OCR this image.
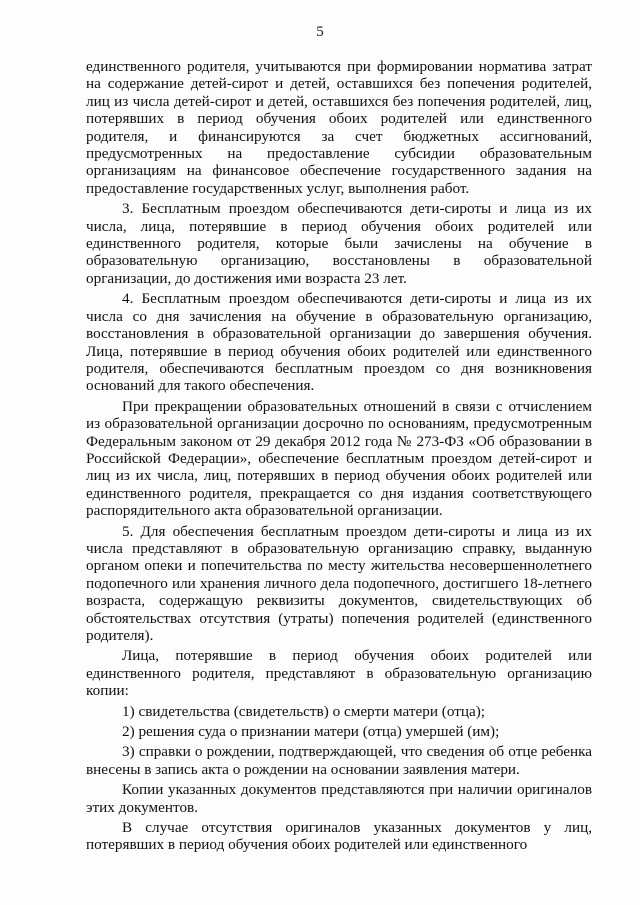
5

единственного родителя, учитываются при формировании норматива затрат на содержание детей-сирот и детей, оставшихся без попечения родителей, лиц из числа детей-сирот и детей, оставшихся без попечения родителей, лиц, потерявших в период обучения обоих родителей или единственного родителя, и финансируются за счет бюджетных ассигнований, предусмотренных на предоставление субсидии образовательным организациям на финансовое обеспечение государственного задания на предоставление государственных услуг, выполнения работ.

3. Бесплатным проездом обеспечиваются дети-сироты и лица из их числа, лица, потерявшие в период обучения обоих родителей или единственного родителя, которые были зачислены на обучение в образовательную организацию, восстановлены в образовательной организации, до достижения ими возраста 23 лет.

4. Бесплатным проездом обеспечиваются дети-сироты и лица из их числа со дня зачисления на обучение в образовательную организацию, восстановления в образовательной организации до завершения обучения. Лица, потерявшие в период обучения обоих родителей или единственного родителя, обеспечиваются бесплатным проездом со дня возникновения оснований для такого обеспечения.

При прекращении образовательных отношений в связи с отчислением из образовательной организации досрочно по основаниям, предусмотренным Федеральным законом от 29 декабря 2012 года № 273-ФЗ «Об образовании в Российской Федерации», обеспечение бесплатным проездом детей-сирот и лиц из их числа, лиц, потерявших в период обучения обоих родителей или единственного родителя, прекращается со дня издания соответствующего распорядительного акта образовательной организации.

5. Для обеспечения бесплатным проездом дети-сироты и лица из их числа представляют в образовательную организацию справку, выданную органом опеки и попечительства по месту жительства несовершеннолетнего подопечного или хранения личного дела подопечного, достигшего 18-летнего возраста, содержащую реквизиты документов, свидетельствующих об обстоятельствах отсутствия (утраты) попечения родителей (единственного родителя).

Лица, потерявшие в период обучения обоих родителей или единственного родителя, представляют в образовательную организацию копии:

1) свидетельства (свидетельств) о смерти матери (отца);

2) решения суда о признании матери (отца) умершей (им);

3) справки о рождении, подтверждающей, что сведения об отце ребенка внесены в запись акта о рождении на основании заявления матери.

Копии указанных документов представляются при наличии оригиналов этих документов.

В случае отсутствия оригиналов указанных документов у лиц, потерявших в период обучения обоих родителей или единственного
